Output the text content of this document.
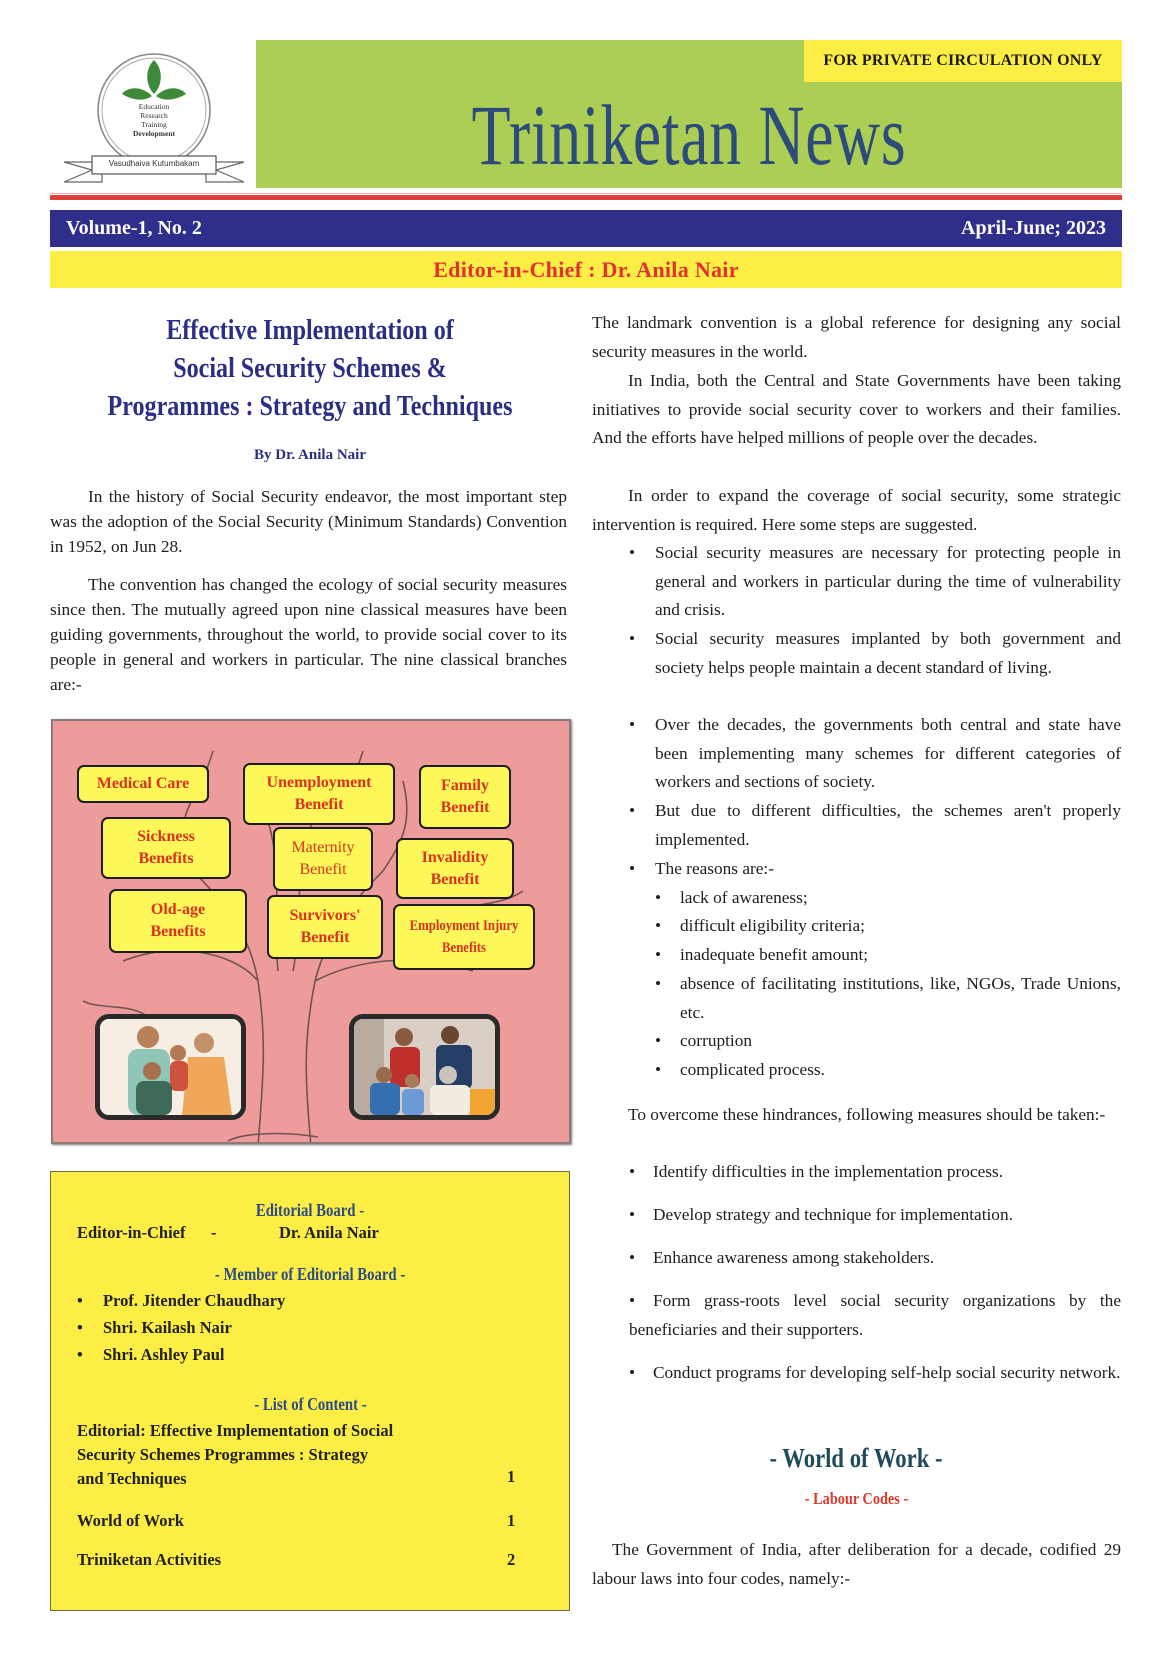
Education
Research
Training
Development
Vasudhaiva Kutumbakam
FOR PRIVATE CIRCULATION ONLY
Triniketan News
Volume-1, No. 2	April-June; 2023
Editor-in-Chief : Dr. Anila Nair
Effective Implementation of
Social Security Schemes &
Programmes : Strategy and Techniques
By Dr. Anila Nair

In the history of Social Security endeavor, the most important step was the adoption of the Social Security (Minimum Standards) Convention in 1952, on Jun 28.

The convention has changed the ecology of social security measures since then. The mutually agreed upon nine classical measures have been guiding governments, throughout the world, to provide social cover to its people in general and workers in particular. The nine classical branches are:-

Medical Care	Unemployment Benefit
Family Benefit
Sickness Benefits
Maternity Benefit
Invalidity Benefit
Old-age Benefits
Survivors' Benefit
Employment Injury Benefits
Editorial Board -
Editor-in-Chief -	Dr. Anila Nair
- Member of Editorial Board -
• Prof. Jitender Chaudhary
• Shri. Kailash Nair
• Shri. Ashley Paul
- List of Content -
Editorial: Effective Implementation of Social
Security Schemes Programmes : Strategy
and Techniques	1
World of Work	1
Triniketan Activities	2

The landmark convention is a global reference for designing any social security measures in the world.

In India, both the Central and State Governments have been taking initiatives to provide social security cover to workers and their families. And the efforts have helped millions of people over the decades.

In order to expand the coverage of social security, some strategic intervention is required. Here some steps are suggested.

• Social security measures are necessary for protecting people in general and workers in particular during the time of vulnerability and crisis.
• Social security measures implanted by both government and society helps people maintain a decent standard of living.
• Over the decades, the governments both central and state have been implementing many schemes for different categories of workers and sections of society.
• But due to different difficulties, the schemes aren't properly implemented.
• The reasons are:-
• lack of awareness;
• difficult eligibility criteria;
• inadequate benefit amount;
• absence of facilitating institutions, like, NGOs, Trade Unions, etc.
• corruption
• complicated process.

To overcome these hindrances, following measures should be taken:-

• Identify difficulties in the implementation process.
• Develop strategy and technique for implementation.
• Enhance awareness among stakeholders.
• Form grass-roots level social security organizations by the beneficiaries and their supporters.
• Conduct programs for developing self-help social security network.
- World of Work -
- Labour Codes -

The Government of India, after deliberation for a decade, codified 29 labour laws into four codes, namely:-
